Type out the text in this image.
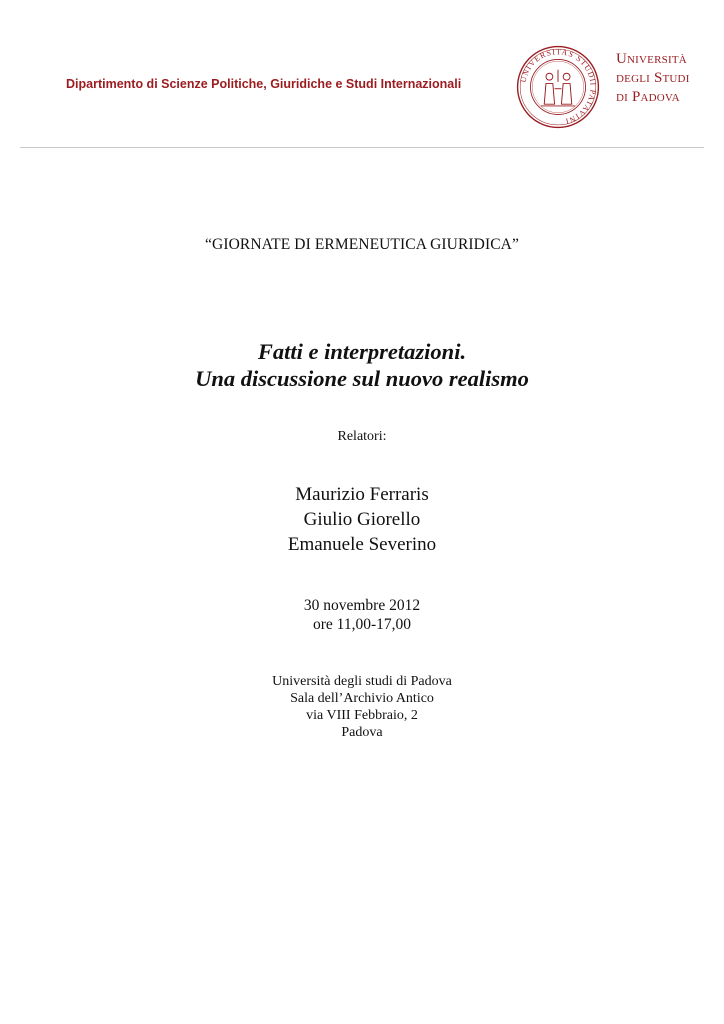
Dipartimento di Scienze Politiche, Giuridiche e Studi Internazionali	UNIVERSITAS STUDII PATAVINI
Università
degli Studi
di Padova
“GIORNATE DI ERMENEUTICA GIURIDICA”
Fatti e interpretazioni.
Una discussione sul nuovo realismo
Relatori:
Maurizio Ferraris
Giulio Giorello
Emanuele Severino
30 novembre 2012
ore 11,00-17,00
Università degli studi di Padova
Sala dell’Archivio Antico
via VIII Febbraio, 2
Padova
